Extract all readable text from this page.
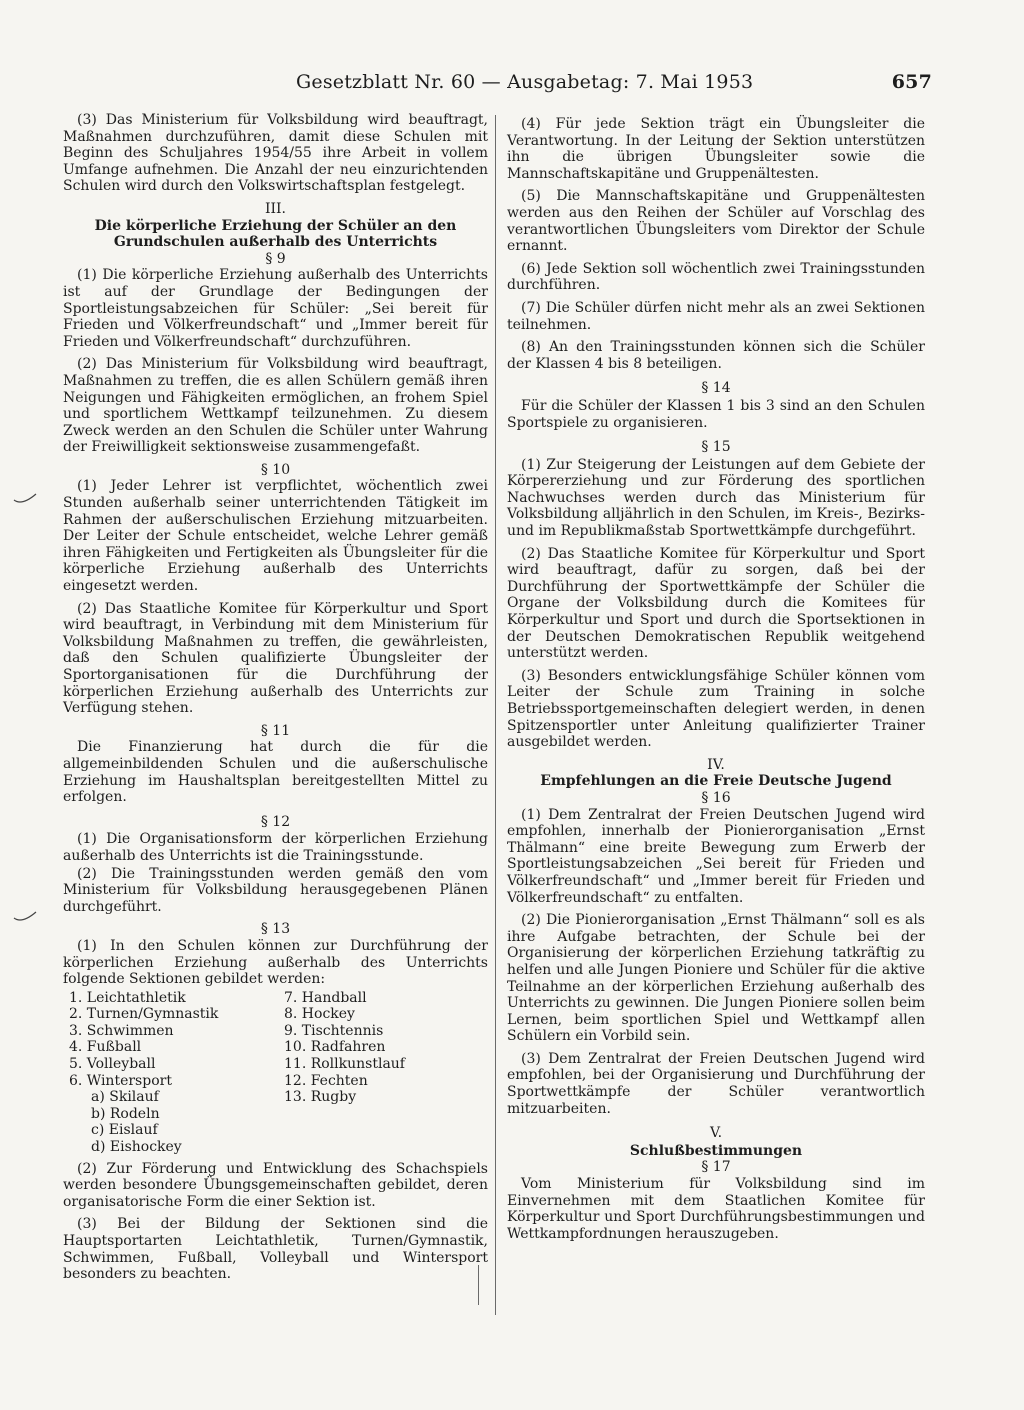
Gesetzblatt Nr. 60 — Ausgabetag: 7. Mai 1953	657

(3) Das Ministerium für Volksbildung wird beauftragt, Maßnahmen durchzuführen, damit diese Schulen mit Beginn des Schuljahres 1954/55 ihre Arbeit in vollem Umfange aufnehmen. Die Anzahl der neu einzurichtenden Schulen wird durch den Volkswirtschaftsplan festgelegt.

III.

Die körperliche Erziehung der Schüler an den Grundschulen außerhalb des Unterrichts

§ 9

(1) Die körperliche Erziehung außerhalb des Unterrichts ist auf der Grundlage der Bedingungen der Sportleistungsabzeichen für Schüler: „Sei bereit für Frieden und Völkerfreundschaft“ und „Immer bereit für Frieden und Völkerfreundschaft“ durchzuführen.

(2) Das Ministerium für Volksbildung wird beauftragt, Maßnahmen zu treffen, die es allen Schülern gemäß ihren Neigungen und Fähigkeiten ermöglichen, an frohem Spiel und sportlichem Wettkampf teilzunehmen. Zu diesem Zweck werden an den Schulen die Schüler unter Wahrung der Freiwilligkeit sektionsweise zusammengefaßt.

§ 10

(1) Jeder Lehrer ist verpflichtet, wöchentlich zwei Stunden außerhalb seiner unterrichtenden Tätigkeit im Rahmen der außerschulischen Erziehung mitzuarbeiten. Der Leiter der Schule entscheidet, welche Lehrer gemäß ihren Fähigkeiten und Fertigkeiten als Übungsleiter für die körperliche Erziehung außerhalb des Unterrichts eingesetzt werden.

(2) Das Staatliche Komitee für Körperkultur und Sport wird beauftragt, in Verbindung mit dem Ministerium für Volksbildung Maßnahmen zu treffen, die gewährleisten, daß den Schulen qualifizierte Übungsleiter der Sportorganisationen für die Durchführung der körperlichen Erziehung außerhalb des Unterrichts zur Verfügung stehen.

§ 11

Die Finanzierung hat durch die für die allgemeinbildenden Schulen und die außerschulische Erziehung im Haushaltsplan bereitgestellten Mittel zu erfolgen.

§ 12

(1) Die Organisationsform der körperlichen Erziehung außerhalb des Unterrichts ist die Trainingsstunde.

(2) Die Trainingsstunden werden gemäß den vom Ministerium für Volksbildung herausgegebenen Plänen durchgeführt.

§ 13

(1) In den Schulen können zur Durchführung der körperlichen Erziehung außerhalb des Unterrichts folgende Sektionen gebildet werden:

1. Leichtathletik
2. Turnen/Gymnastik
3. Schwimmen
4. Fußball
5. Volleyball
6. Wintersport
a) Skilauf
b) Rodeln
c) Eislauf
d) Eishockey
7. Handball
8. Hockey
9. Tischtennis
10. Radfahren
11. Rollkunstlauf
12. Fechten
13. Rugby

(2) Zur Förderung und Entwicklung des Schachspiels werden besondere Übungsgemeinschaften gebildet, deren organisatorische Form die einer Sektion ist.

(3) Bei der Bildung der Sektionen sind die Hauptsportarten Leichtathletik, Turnen/Gymnastik, Schwimmen, Fußball, Volleyball und Wintersport besonders zu beachten.

(4) Für jede Sektion trägt ein Übungsleiter die Verantwortung. In der Leitung der Sektion unterstützen ihn die übrigen Übungsleiter sowie die Mannschaftskapitäne und Gruppenältesten.

(5) Die Mannschaftskapitäne und Gruppenältesten werden aus den Reihen der Schüler auf Vorschlag des verantwortlichen Übungsleiters vom Direktor der Schule ernannt.

(6) Jede Sektion soll wöchentlich zwei Trainingsstunden durchführen.

(7) Die Schüler dürfen nicht mehr als an zwei Sektionen teilnehmen.

(8) An den Trainingsstunden können sich die Schüler der Klassen 4 bis 8 beteiligen.

§ 14

Für die Schüler der Klassen 1 bis 3 sind an den Schulen Sportspiele zu organisieren.

§ 15

(1) Zur Steigerung der Leistungen auf dem Gebiete der Körpererziehung und zur Förderung des sportlichen Nachwuchses werden durch das Ministerium für Volksbildung alljährlich in den Schulen, im Kreis-, Bezirks- und im Republikmaßstab Sportwettkämpfe durchgeführt.

(2) Das Staatliche Komitee für Körperkultur und Sport wird beauftragt, dafür zu sorgen, daß bei der Durchführung der Sportwettkämpfe der Schüler die Organe der Volksbildung durch die Komitees für Körperkultur und Sport und durch die Sportsektionen in der Deutschen Demokratischen Republik weitgehend unterstützt werden.

(3) Besonders entwicklungsfähige Schüler können vom Leiter der Schule zum Training in solche Betriebssportgemeinschaften delegiert werden, in denen Spitzensportler unter Anleitung qualifizierter Trainer ausgebildet werden.

IV.

Empfehlungen an die Freie Deutsche Jugend

§ 16

(1) Dem Zentralrat der Freien Deutschen Jugend wird empfohlen, innerhalb der Pionierorganisation „Ernst Thälmann“ eine breite Bewegung zum Erwerb der Sportleistungsabzeichen „Sei bereit für Frieden und Völkerfreundschaft“ und „Immer bereit für Frieden und Völkerfreundschaft“ zu entfalten.

(2) Die Pionierorganisation „Ernst Thälmann“ soll es als ihre Aufgabe betrachten, der Schule bei der Organisierung der körperlichen Erziehung tatkräftig zu helfen und alle Jungen Pioniere und Schüler für die aktive Teilnahme an der körperlichen Erziehung außerhalb des Unterrichts zu gewinnen. Die Jungen Pioniere sollen beim Lernen, beim sportlichen Spiel und Wettkampf allen Schülern ein Vorbild sein.

(3) Dem Zentralrat der Freien Deutschen Jugend wird empfohlen, bei der Organisierung und Durchführung der Sportwettkämpfe der Schüler verantwortlich mitzuarbeiten.

V.

Schlußbestimmungen

§ 17

Vom Ministerium für Volksbildung sind im Einvernehmen mit dem Staatlichen Komitee für Körperkultur und Sport Durchführungsbestimmungen und Wettkampfordnungen herauszugeben.
